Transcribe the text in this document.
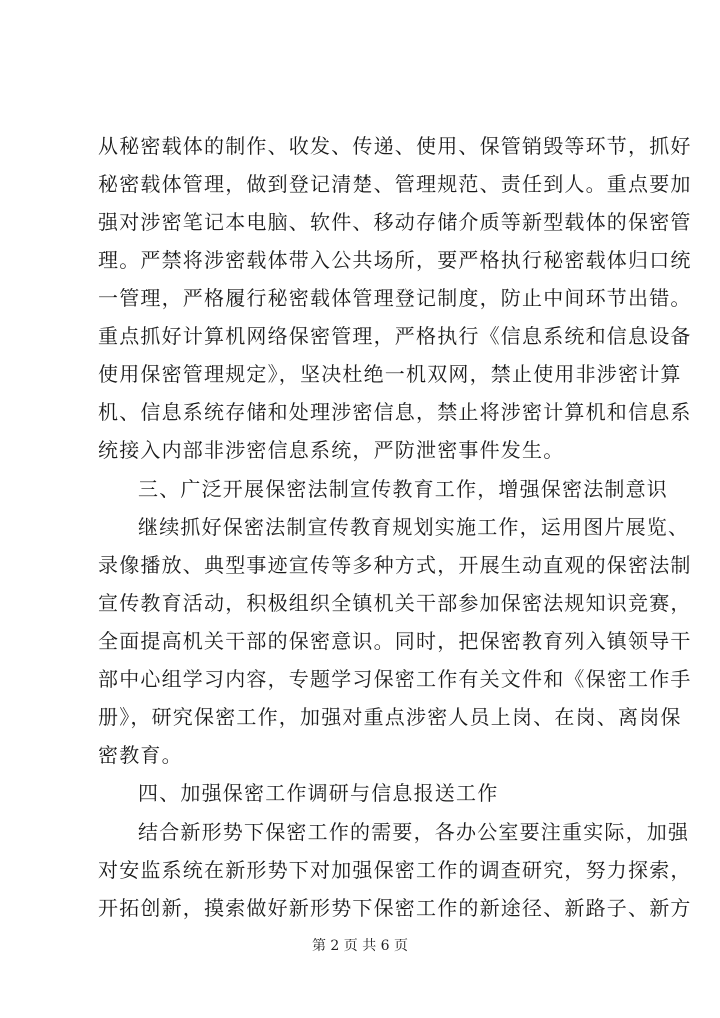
从秘密载体的制作、收发、传递、使用、保管销毁等环节，抓好
秘密载体管理，做到登记清楚、管理规范、责任到人。重点要加
强对涉密笔记本电脑、软件、移动存储介质等新型载体的保密管
理。严禁将涉密载体带入公共场所，要严格执行秘密载体归口统
一管理，严格履行秘密载体管理登记制度，防止中间环节出错。
重点抓好计算机网络保密管理，严格执行《信息系统和信息设备
使用保密管理规定》，坚决杜绝一机双网，禁止使用非涉密计算
机、信息系统存储和处理涉密信息，禁止将涉密计算机和信息系
统接入内部非涉密信息系统，严防泄密事件发生。
三、广泛开展保密法制宣传教育工作，增强保密法制意识
继续抓好保密法制宣传教育规划实施工作，运用图片展览、
录像播放、典型事迹宣传等多种方式，开展生动直观的保密法制
宣传教育活动，积极组织全镇机关干部参加保密法规知识竞赛，
全面提高机关干部的保密意识。同时，把保密教育列入镇领导干
部中心组学习内容，专题学习保密工作有关文件和《保密工作手
册》，研究保密工作，加强对重点涉密人员上岗、在岗、离岗保
密教育。
四、加强保密工作调研与信息报送工作
结合新形势下保密工作的需要，各办公室要注重实际，加强
对安监系统在新形势下对加强保密工作的调查研究，努力探索，
开拓创新，摸索做好新形势下保密工作的新途径、新路子、新方
第 2 页 共 6 页
